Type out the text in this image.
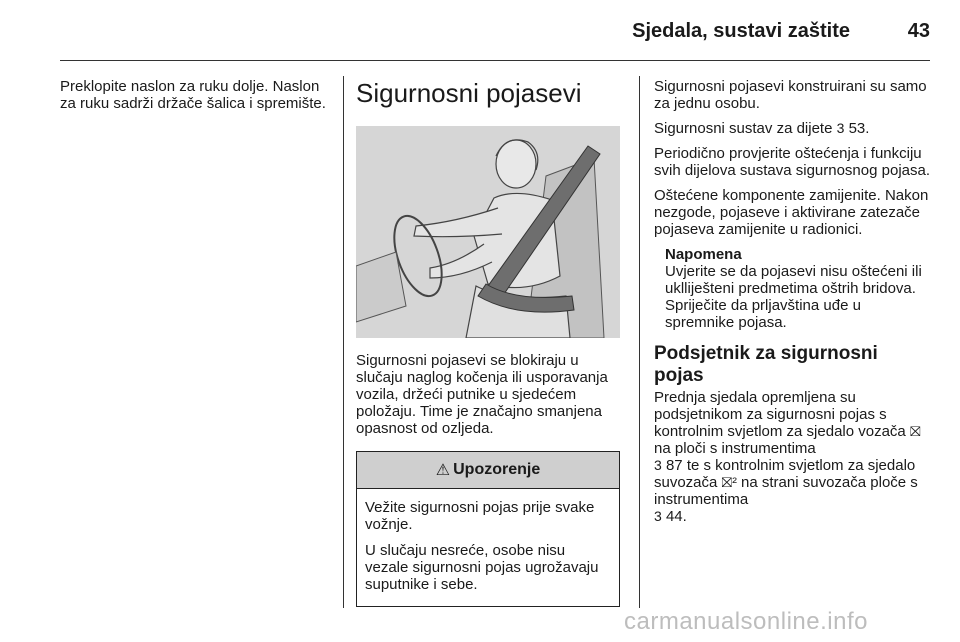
Sjedala, sustavi zaštite	43

Preklopite naslon za ruku dolje. Naslon za ruku sadrži držače šalica i spremište. Sigurnosni pojasevi

Sigurnosni pojasevi se blokiraju u slučaju naglog kočenja ili usporavanja vozila, držeći putnike u sjedećem položaju. Time je značajno smanjena opasnost od ozljeda.

⚠ Upozorenje

Vežite sigurnosni pojas prije svake vožnje.

U slučaju nesreće, osobe nisu vezale sigurnosni pojas ugrožavaju suputnike i sebe.

Sigurnosni pojasevi konstruirani su samo za jednu osobu.

Sigurnosni sustav za dijete 3 53.

Periodično provjerite oštećenja i funkciju svih dijelova sustava sigurnosnog pojasa.

Oštećene komponente zamijenite. Nakon nezgode, pojaseve i aktivirane zatezače pojaseva zamijenite u radionici.

Napomena

Uvjerite se da pojasevi nisu oštećeni ili uklliješteni predmetima oštrih bridova. Spriječite da prljavština uđe u spremnike pojasa.

Podsjetnik za sigurnosni pojas

Prednja sjedala opremljena su podsjetnikom za sigurnosni pojas s kontrolnim svjetlom za sjedalo vozača ⛝ na ploči s instrumentima
3 87 te s kontrolnim svjetlom za sjedalo suvozača ⛝² na strani suvozača ploče s instrumentima
3 44.

carmanualsonline.info
